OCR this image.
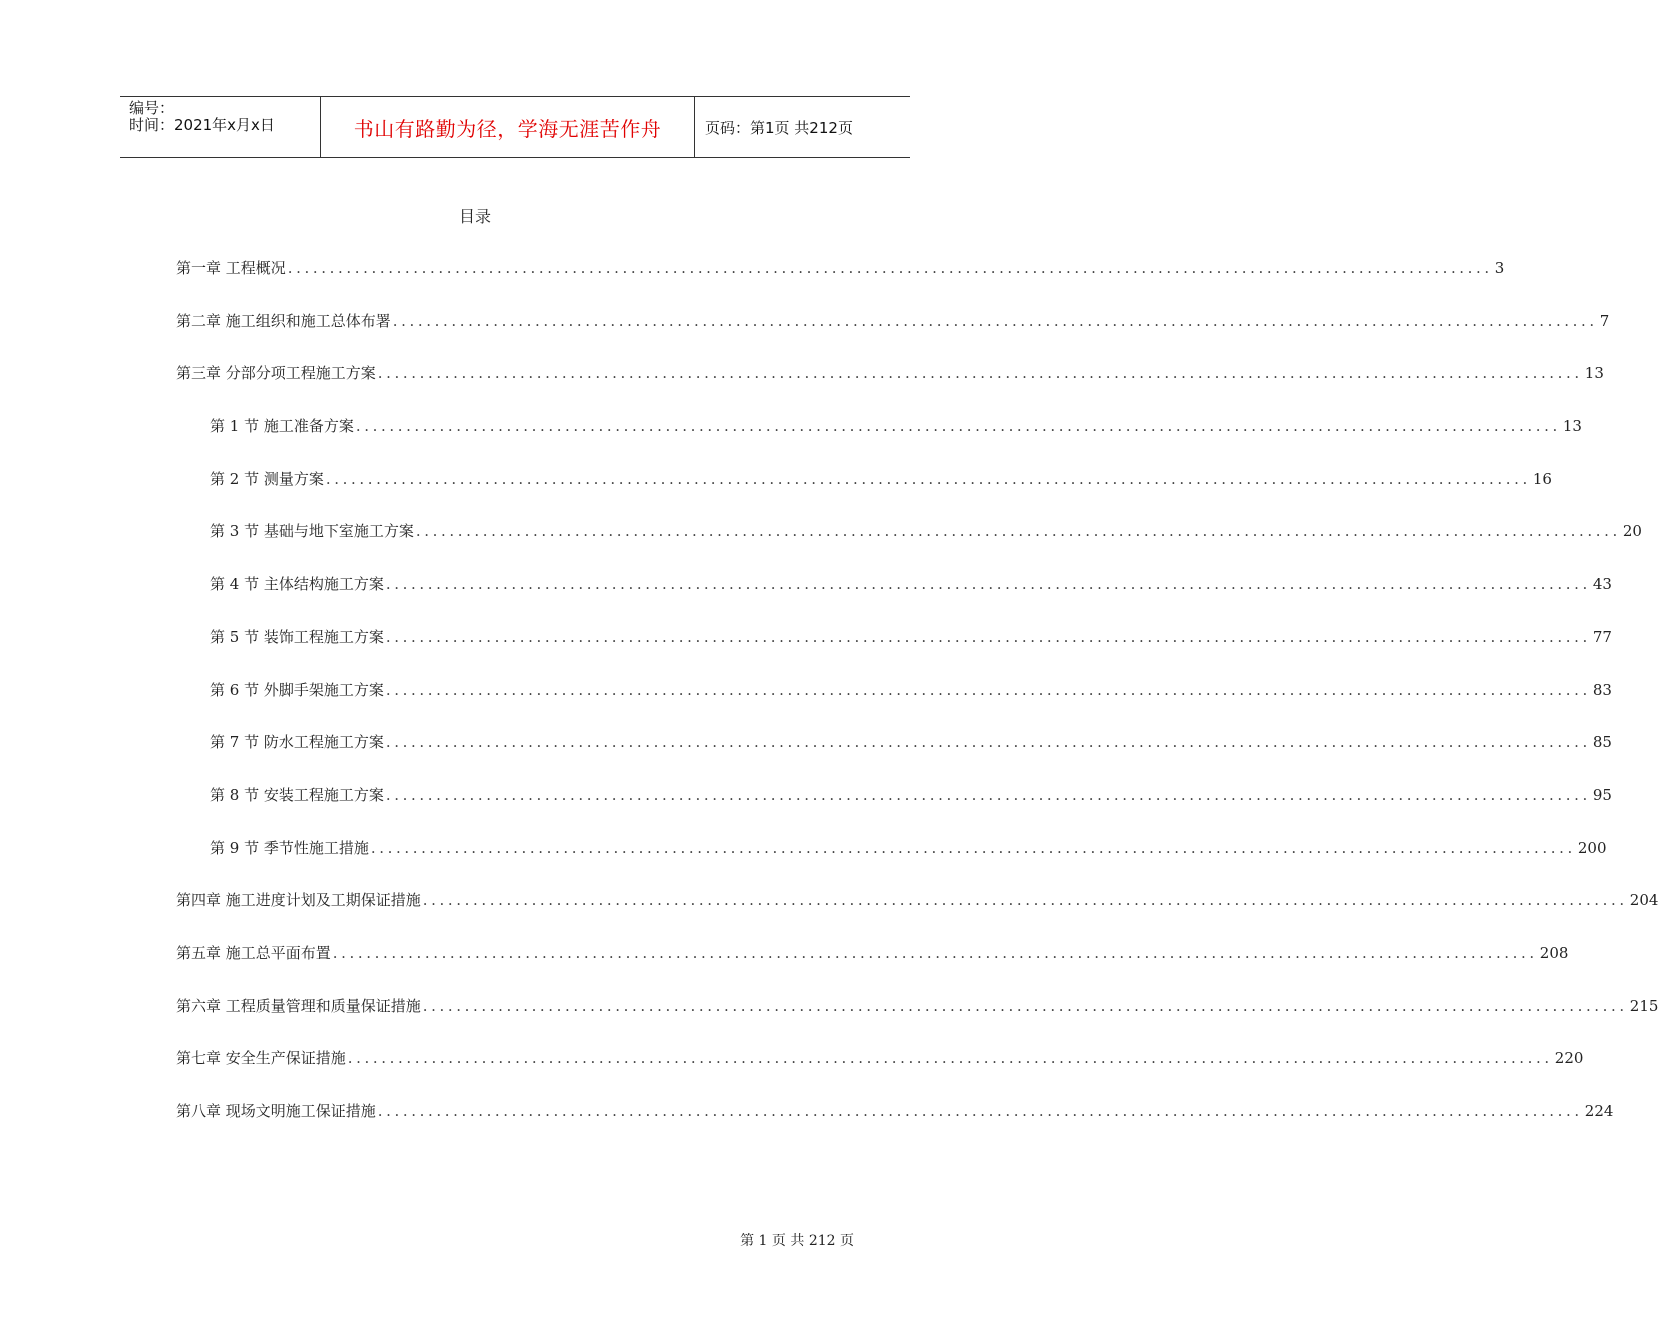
编号：
时间：2021年x月x日	书山有路勤为径，学海无涯苦作舟	页码：第1页 共212页
目录
第一章 工程概况 ................................................................................................................................................ 3
第二章 施工组织和施工总体布署 ................................................................................................................................................ 7
第三章 分部分项工程施工方案 ................................................................................................................................................ 13
第 1 节 施工准备方案 ................................................................................................................................................ 13
第 2 节 测量方案 ................................................................................................................................................ 16
第 3 节 基础与地下室施工方案 ................................................................................................................................................ 20
第 4 节 主体结构施工方案 ................................................................................................................................................ 43
第 5 节 装饰工程施工方案 ................................................................................................................................................ 77
第 6 节 外脚手架施工方案 ................................................................................................................................................ 83
第 7 节 防水工程施工方案 ................................................................................................................................................ 85
第 8 节 安装工程施工方案 ................................................................................................................................................ 95
第 9 节 季节性施工措施 ................................................................................................................................................ 200
第四章 施工进度计划及工期保证措施 ................................................................................................................................................ 204
第五章 施工总平面布置 ................................................................................................................................................ 208
第六章 工程质量管理和质量保证措施 ................................................................................................................................................ 215
第七章 安全生产保证措施 ................................................................................................................................................ 220
第八章 现场文明施工保证措施 ................................................................................................................................................ 224
第 1 页 共 212 页
